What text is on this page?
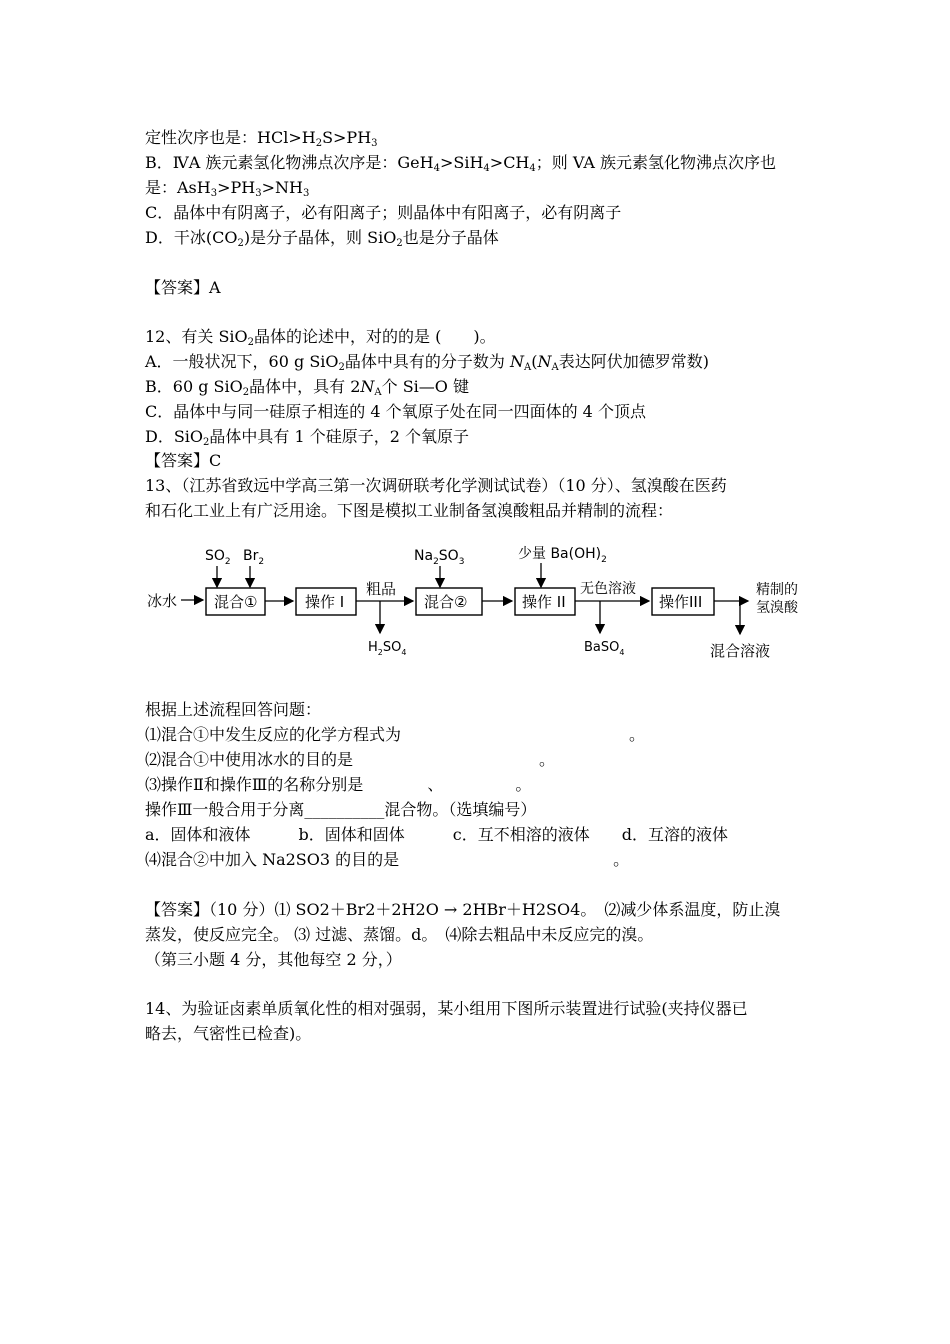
定性次序也是：$HCl>H_2S>PH_3$
B．ⅣA 族元素氢化物沸点次序是：$GeH_4>SiH_4>CH_4$；则 VA 族元素氢化物沸点次序也
是：$AsH_3>PH_3>NH_3$
C．晶体中有阴离子，必有阳离子；则晶体中有阳离子，必有阴离子
D．干冰$(CO_2)$是分子晶体，则 SiO$_2$也是分子晶体
【答案】A
12、有关 SiO$_2$晶体的论述中，对的的是 (　　)。
A．一般状况下，60 g SiO$_2$晶体中具有的分子数为 $N_A(N_A$表达阿伏加德罗常数)
B．60 g SiO$_2$晶体中，具有 $2N_A$个 Si—O 键
C．晶体中与同一硅原子相连的 4 个氧原子处在同一四面体的 4 个顶点
D．SiO$_2$晶体中具有 1 个硅原子，2 个氧原子
【答案】C
13、（江苏省致远中学高三第一次调研联考化学测试试卷）（10 分）、氢溴酸在医药
和石化工业上有广泛用途。下图是模拟工业制备氢溴酸粗品并精制的流程：
$SO_2$ $Br_2$	$Na_2SO_3$	少量 $Ba(OH)_2$
冰水 混合①	操作 I
粗品
$H_2SO_4$
混合②	操作 II
BaSO$_4$
无色溶液
操作III
精制的
氢溴酸
混合溶液
根据上述流程回答问题：
⑴混合①中发生反应的化学方程式为	。
⑵混合①中使用冰水的目的是	。
⑶操作Ⅱ和操作Ⅲ的名称分别是	、	。
操作Ⅲ一般合用于分离__________混合物。（选填编号）
a．固体和液体　　　b．固体和固体　　　c．互不相溶的液体　　d．互溶的液体
⑷混合②中加入 Na2SO3 的目的是	。
【答案】（10 分）⑴ SO2＋Br2＋2H2O → 2HBr＋H2SO4。　⑵减少体系温度，防止溴
蒸发，使反应完全。 ⑶ 过滤、蒸馏。d。　⑷除去粗品中未反应完的溴。
（第三小题 4 分，其他每空 2 分，）
14、为验证卤素单质氧化性的相对强弱，某小组用下图所示装置进行试验(夹持仪器已
略去，气密性已检查)。
